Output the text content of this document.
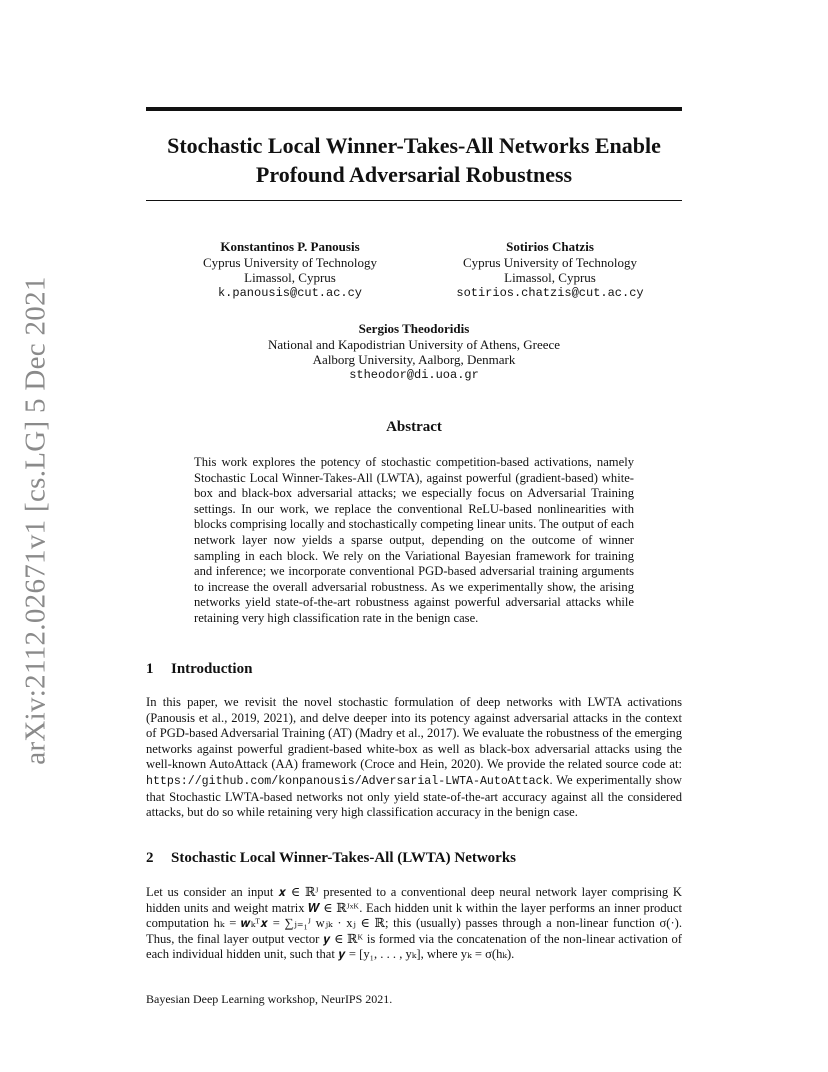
arXiv:2112.02671v1 [cs.LG] 5 Dec 2021
Stochastic Local Winner-Takes-All Networks Enable Profound Adversarial Robustness
Konstantinos P. Panousis
Cyprus University of Technology
Limassol, Cyprus
k.panousis@cut.ac.cy
Sotirios Chatzis
Cyprus University of Technology
Limassol, Cyprus
sotirios.chatzis@cut.ac.cy
Sergios Theodoridis
National and Kapodistrian University of Athens, Greece
Aalborg University, Aalborg, Denmark
stheodor@di.uoa.gr
Abstract

This work explores the potency of stochastic competition-based activations, namely Stochastic Local Winner-Takes-All (LWTA), against powerful (gradient-based) white-box and black-box adversarial attacks; we especially focus on Adversarial Training settings. In our work, we replace the conventional ReLU-based nonlinearities with blocks comprising locally and stochastically competing linear units. The output of each network layer now yields a sparse output, depending on the outcome of winner sampling in each block. We rely on the Variational Bayesian framework for training and inference; we incorporate conventional PGD-based adversarial training arguments to increase the overall adversarial robustness. As we experimentally show, the arising networks yield state-of-the-art robustness against powerful adversarial attacks while retaining very high classification rate in the benign case.

1 Introduction

In this paper, we revisit the novel stochastic formulation of deep networks with LWTA activations (Panousis et al., 2019, 2021), and delve deeper into its potency against adversarial attacks in the context of PGD-based Adversarial Training (AT) (Madry et al., 2017). We evaluate the robustness of the emerging networks against powerful gradient-based white-box as well as black-box adversarial attacks using the well-known AutoAttack (AA) framework (Croce and Hein, 2020). We provide the related source code at: https://github.com/konpanousis/Adversarial-LWTA-AutoAttack. We experimentally show that Stochastic LWTA-based networks not only yield state-of-the-art accuracy against all the considered attacks, but do so while retaining very high classification accuracy in the benign case.

2 Stochastic Local Winner-Takes-All (LWTA) Networks

Let us consider an input 𝒙 ∈ ℝᴶ presented to a conventional deep neural network layer comprising K hidden units and weight matrix 𝑾 ∈ ℝᴶˣᴷ. Each hidden unit k within the layer performs an inner product computation hₖ = 𝒘ₖᵀ𝒙 = ∑ⱼ₌₁ᴶ wⱼₖ · xⱼ ∈ ℝ; this (usually) passes through a non-linear function σ(·). Thus, the final layer output vector 𝒚 ∈ ℝᴷ is formed via the concatenation of the non-linear activation of each individual hidden unit, such that 𝒚 = [y₁, . . . , yₖ], where yₖ = σ(hₖ).

Bayesian Deep Learning workshop, NeurIPS 2021.
